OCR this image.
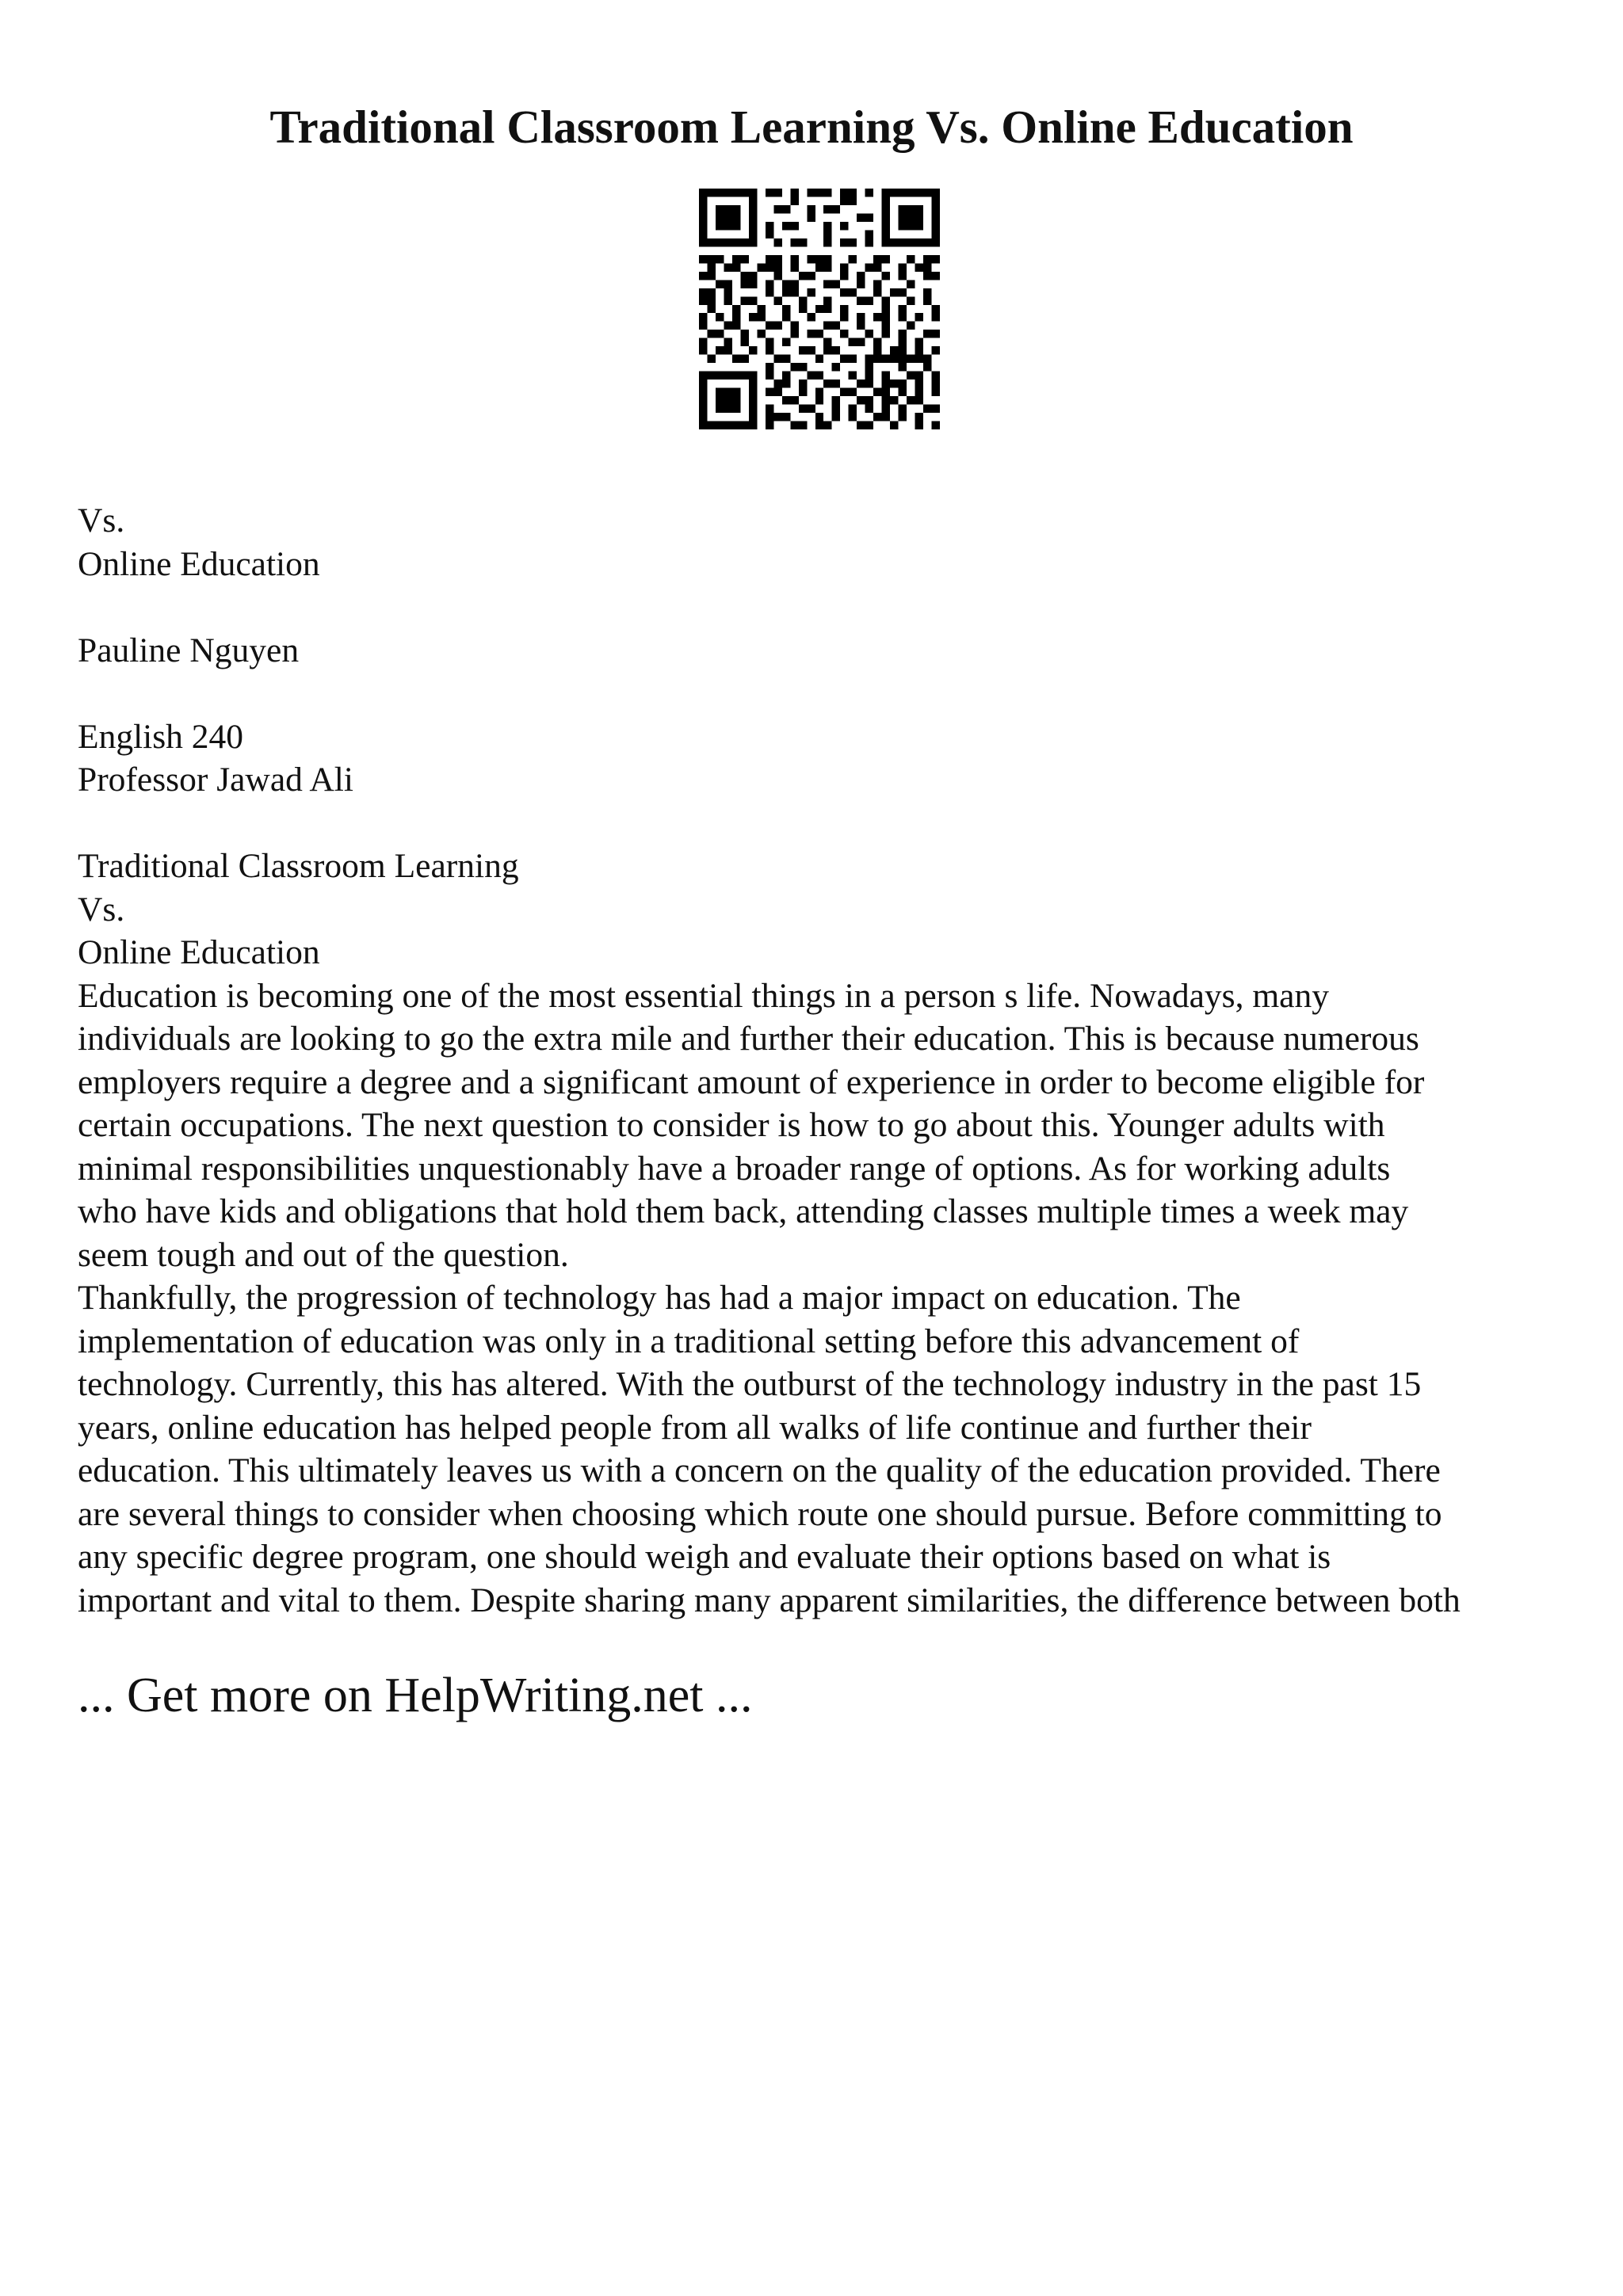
Traditional Classroom Learning Vs. Online Education
Vs.
Online Education
Pauline Nguyen
English 240
Professor Jawad Ali
Traditional Classroom Learning
Vs.
Online Education
Education is becoming one of the most essential things in a person s life. Nowadays, many
individuals are looking to go the extra mile and further their education. This is because numerous
employers require a degree and a significant amount of experience in order to become eligible for
certain occupations. The next question to consider is how to go about this. Younger adults with
minimal responsibilities unquestionably have a broader range of options. As for working adults
who have kids and obligations that hold them back, attending classes multiple times a week may
seem tough and out of the question.
Thankfully, the progression of technology has had a major impact on education. The
implementation of education was only in a traditional setting before this advancement of
technology. Currently, this has altered. With the outburst of the technology industry in the past 15
years, online education has helped people from all walks of life continue and further their
education. This ultimately leaves us with a concern on the quality of the education provided. There
are several things to consider when choosing which route one should pursue. Before committing to
any specific degree program, one should weigh and evaluate their options based on what is
important and vital to them. Despite sharing many apparent similarities, the difference between both
... Get more on HelpWriting.net ...
